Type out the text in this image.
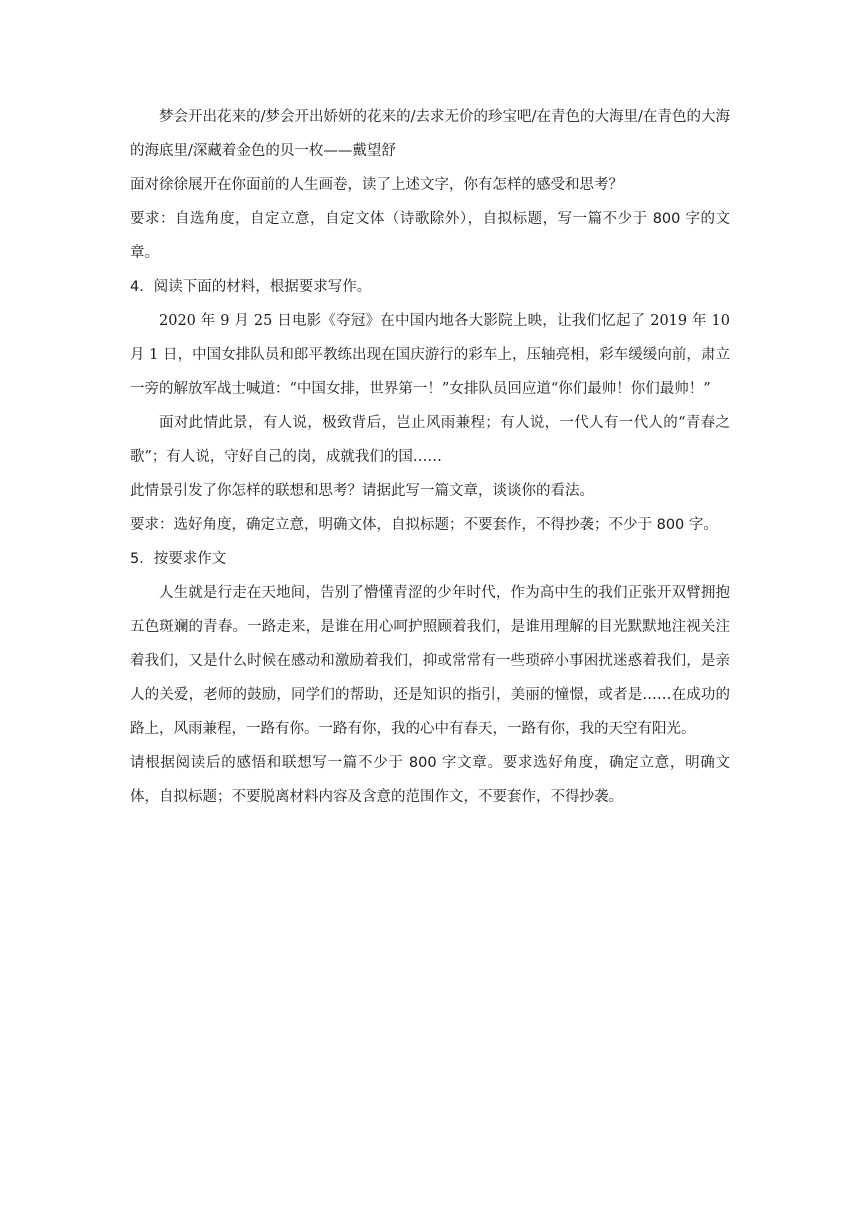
梦会开出花来的/梦会开出娇妍的花来的/去求无价的珍宝吧/在青色的大海里/在青色的大海的海底里/深藏着金色的贝一枚——戴望舒

面对徐徐展开在你面前的人生画卷，读了上述文字，你有怎样的感受和思考？

要求：自选角度，自定立意，自定文体（诗歌除外），自拟标题，写一篇不少于 800 字的文章。

4．阅读下面的材料，根据要求写作。

2020 年 9 月 25 日电影《夺冠》在中国内地各大影院上映，让我们忆起了 2019 年 10 月 1 日，中国女排队员和郎平教练出现在国庆游行的彩车上，压轴亮相，彩车缓缓向前，肃立一旁的解放军战士喊道：“中国女排，世界第一！”女排队员回应道“你们最帅！你们最帅！”

面对此情此景，有人说，极致背后，岂止风雨兼程；有人说，一代人有一代人的“青春之歌”；有人说，守好自己的岗，成就我们的国……

此情景引发了你怎样的联想和思考？请据此写一篇文章，谈谈你的看法。

要求：选好角度，确定立意，明确文体，自拟标题；不要套作，不得抄袭；不少于 800 字。

5．按要求作文

人生就是行走在天地间，告别了懵懂青涩的少年时代，作为高中生的我们正张开双臂拥抱五色斑斓的青春。一路走来，是谁在用心呵护照顾着我们，是谁用理解的目光默默地注视关注着我们，又是什么时候在感动和激励着我们，抑或常常有一些琐碎小事困扰迷惑着我们，是亲人的关爱，老师的鼓励，同学们的帮助，还是知识的指引，美丽的憧憬，或者是……在成功的路上，风雨兼程，一路有你。一路有你，我的心中有春天，一路有你，我的天空有阳光。

请根据阅读后的感悟和联想写一篇不少于 800 字文章。要求选好角度，确定立意，明确文体，自拟标题；不要脱离材料内容及含意的范围作文，不要套作，不得抄袭。
